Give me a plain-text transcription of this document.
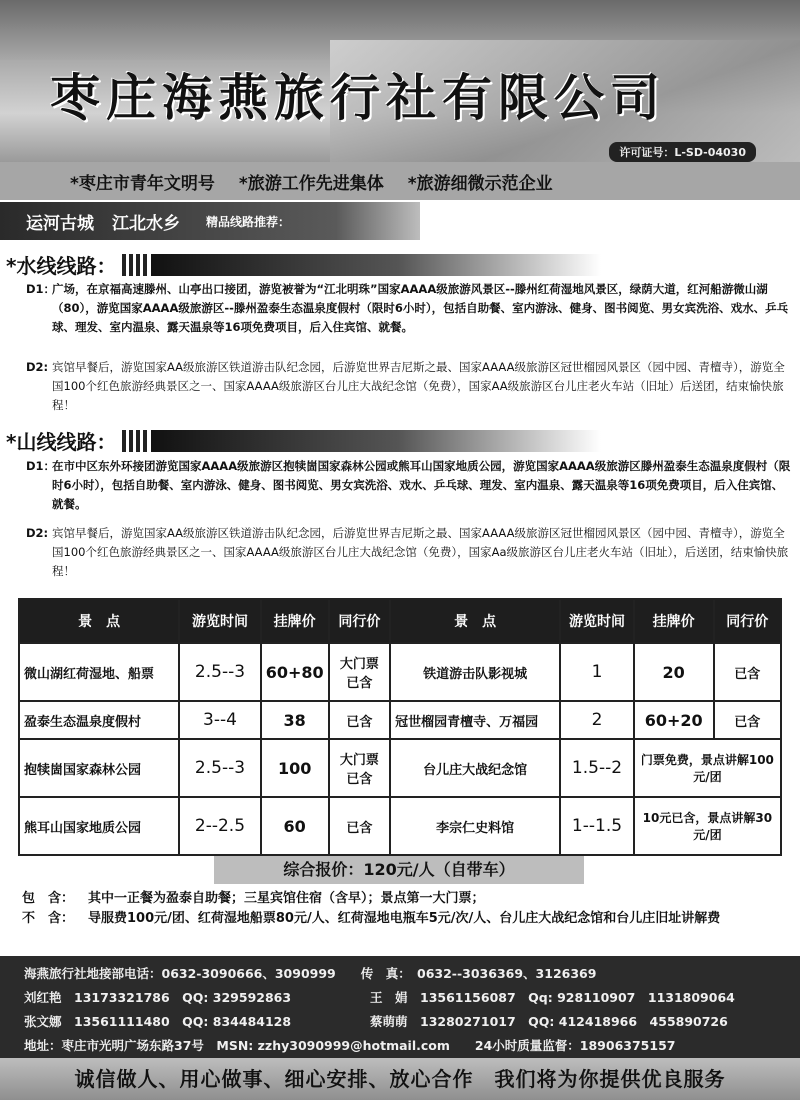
枣庄海燕旅行社有限公司
许可证号：L-SD-04030
*枣庄市青年文明号 *旅游工作先进集体 *旅游细微示范企业
运河古城 江北水乡 精品线路推荐：
*水线线路：
D1：
广场，在京福高速滕州、山亭出口接团，游览被誉为“江北明珠”国家AAAA级旅游风景区--滕州红荷湿地风景区，绿荫大道，红河船游微山湖（80），游览国家AAAA级旅游区--滕州盈泰生态温泉度假村（限时6小时），包括自助餐、室内游泳、健身、图书阅览、男女宾洗浴、戏水、乒乓球、理发、室内温泉、露天温泉等16项免费项目，后入住宾馆、就餐。
D2: 宾馆早餐后，游览国家AA级旅游区铁道游击队纪念园，后游览世界吉尼斯之最、国家AAAA级旅游区冠世榴园风景区（园中园、青檀寺），游览全国100个红色旅游经典景区之一、国家AAAA级旅游区台儿庄大战纪念馆（免费），国家AA级旅游区台儿庄老火车站（旧址）后送团，结束愉快旅程！
*山线线路：
D1：
在市中区东外环接团游览国家AAAA级旅游区抱犊崮国家森林公园或熊耳山国家地质公园，游览国家AAAA级旅游区滕州盈泰生态温泉度假村（限时6小时），包括自助餐、室内游泳、健身、图书阅览、男女宾洗浴、戏水、乒乓球、理发、室内温泉、露天温泉等16项免费项目，后入住宾馆、就餐。
D2: 宾馆早餐后，游览国家AA级旅游区铁道游击队纪念园，后游览世界吉尼斯之最、国家AAAA级旅游区冠世榴园风景区（园中园、青檀寺），游览全国100个红色旅游经典景区之一、国家AAAA级旅游区台儿庄大战纪念馆（免费），国家Aa级旅游区台儿庄老火车站（旧址），后送团，结束愉快旅程！
景　点	游览时间	挂牌价	同行价	景　点	游览时间	挂牌价	同行价
微山湖红荷湿地、船票	2.5--3	60+80	大门票已含	铁道游击队影视城	1	20	已含
盈泰生态温泉度假村	3--4	38	已含	冠世榴园青檀寺、万福园	2	60+20	已含
抱犊崮国家森林公园	2.5--3	100	大门票已含	台儿庄大战纪念馆	1.5--2	门票免费，景点讲解100元/团	
熊耳山国家地质公园	2--2.5	60	已含	李宗仁史料馆	1--1.5	10元已含，景点讲解30元/团	
综合报价：120元/人（自带车）
包　含：	其中一正餐为盈泰自助餐；三星宾馆住宿（含早）；景点第一大门票；
不　含：	导服费100元/团、红荷湿地船票80元/人、红荷湿地电瓶车5元/次/人、台儿庄大战纪念馆和台儿庄旧址讲解费
海燕旅行社地接部电话：0632-3090666、3090999　　传　真：　0632--3036369、3126369
刘红艳　13173321786　QQ: 329592863	王　娟　13561156087　Qq: 928110907　1131809064
张文娜　13561111480　QQ: 834484128	蔡萌萌　13280271017　QQ: 412418966　455890726
地址：枣庄市光明广场东路37号　MSN: zzhy3090999@hotmail.com　　24小时质量监督：18906375157
诚信做人、用心做事、细心安排、放心合作　我们将为你提供优良服务
